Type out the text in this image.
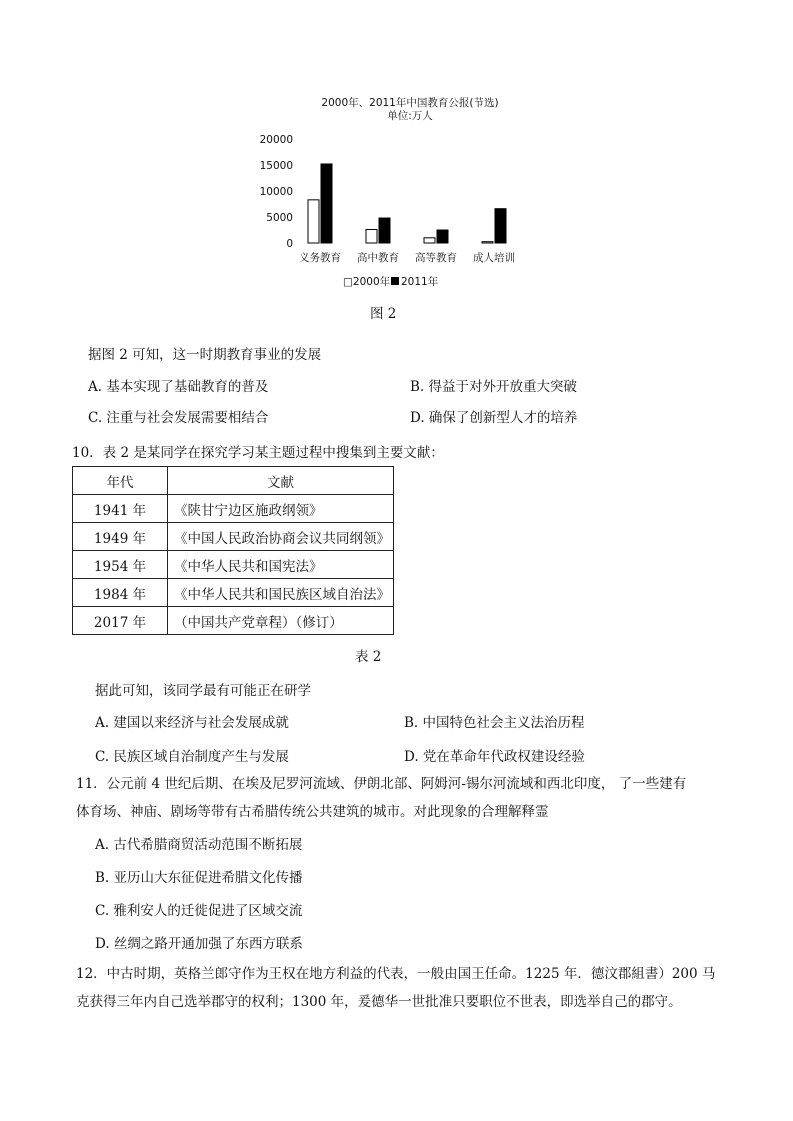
2000年、2011年中国教育公报(节选)
单位:万人
20000
15000
10000
5000
0
义务教育 高中教育 高等教育 成人培训
□2000年 2011年
图 2
据图 2 可知，这一时期教育事业的发展
A. 基本实现了基础教育的普及	B. 得益于对外开放重大突破
C. 注重与社会发展需要相结合	D. 确保了创新型人才的培养
10．表 2 是某同学在探究学习某主题过程中搜集到主要文献：
年代	文献
1941 年	《陕甘宁边区施政纲领》
1949 年	《中国人民政治协商会议共同纲领》
1954 年	《中华人民共和国宪法》
1984 年	《中华人民共和国民族区域自治法》
2017 年	（中国共产党章程）（修订）
表 2
据此可知，该同学最有可能正在研学
A. 建国以来经济与社会发展成就	B. 中国特色社会主义法治历程
C. 民族区域自治制度产生与发展	D. 党在革命年代政权建设经验
11．公元前 4 世纪后期、在埃及尼罗河流域、伊朗北部、阿姆河-锡尔河流域和西北印度， 了一些建有
体育场、神庙、剧场等带有古希腊传统公共建筑的城市。对此现象的合理解释霊
A. 古代希腊商贸活动范围不断拓展
B. 亚历山大东征促进希腊文化传播
C. 雅利安人的迁徙促进了区域交流
D. 丝绸之路开通加强了东西方联系
12．中古时期，英格兰郎守作为王权在地方利益的代表，一般由国王任命。1225 年．德汶郡組書）200 马
克获得三年内自己选举郡守的权利；1300 年，爰德华一世批准只要职位不世表，即选举自己的郡守。
